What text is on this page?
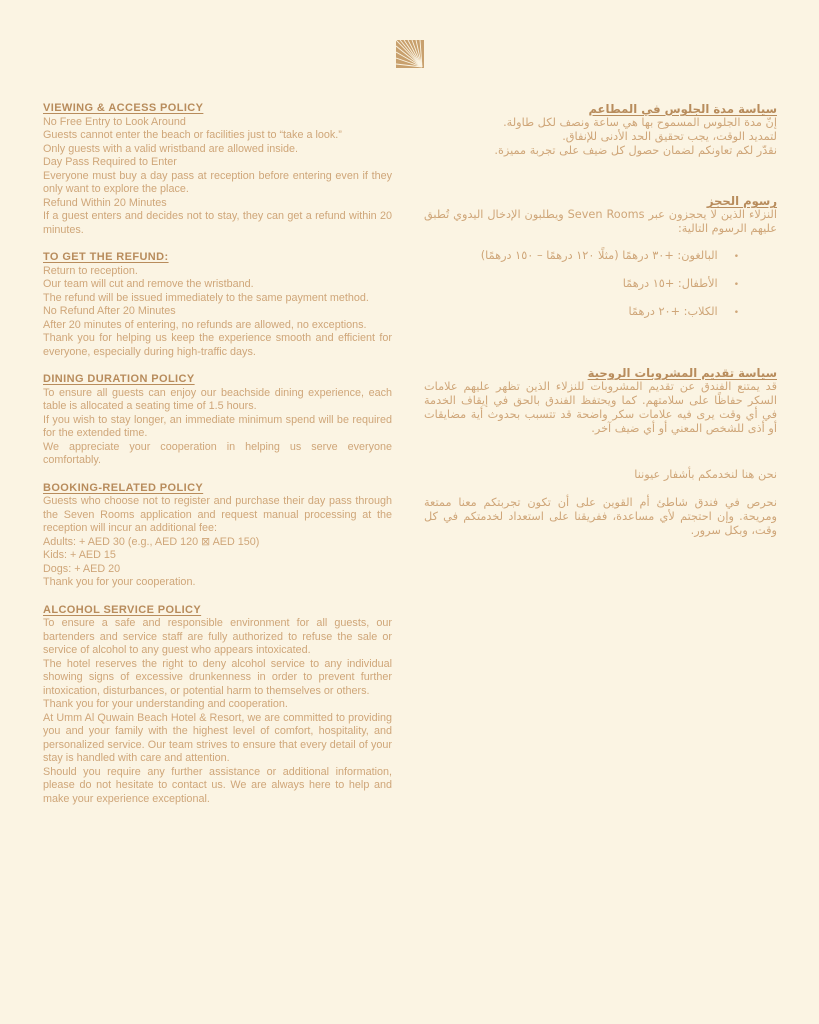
VIEWING & ACCESS POLICY

No Free Entry to Look Around

Guests cannot enter the beach or facilities just to “take a look.”

Only guests with a valid wristband are allowed inside.

Day Pass Required to Enter

Everyone must buy a day pass at reception before entering even if they only want to explore the place.

Refund Within 20 Minutes

If a guest enters and decides not to stay, they can get a refund within 20 minutes.

TO GET THE REFUND:

Return to reception.

Our team will cut and remove the wristband.

The refund will be issued immediately to the same payment method.

No Refund After 20 Minutes

After 20 minutes of entering, no refunds are allowed, no exceptions.

Thank you for helping us keep the experience smooth and efficient for everyone, especially during high-traffic days.

DINING DURATION POLICY

To ensure all guests can enjoy our beachside dining experience, each table is allocated a seating time of 1.5 hours.

If you wish to stay longer, an immediate minimum spend will be required for the extended time.

We appreciate your cooperation in helping us serve everyone comfortably.

BOOKING-RELATED POLICY

Guests who choose not to register and purchase their day pass through the Seven Rooms application and request manual processing at the reception will incur an additional fee:

Adults: + AED 30 (e.g., AED 120 ⊠ AED 150)

Kids: + AED 15

Dogs: + AED 20

Thank you for your cooperation.

ALCOHOL SERVICE POLICY

To ensure a safe and responsible environment for all guests, our bartenders and service staff are fully authorized to refuse the sale or service of alcohol to any guest who appears intoxicated.

The hotel reserves the right to deny alcohol service to any individual showing signs of excessive drunkenness in order to prevent further intoxication, disturbances, or potential harm to themselves or others.

Thank you for your understanding and cooperation.

At Umm Al Quwain Beach Hotel & Resort, we are committed to providing you and your family with the highest level of comfort, hospitality, and personalized service. Our team strives to ensure that every detail of your stay is handled with care and attention.

Should you require any further assistance or additional information, please do not hesitate to contact us. We are always here to help and make your experience exceptional.

سياسة مدة الجلوس في المطاعم

إنّ مدة الجلوس المسموح بها هي ساعة ونصف لكل طاولة.

لتمديد الوقت، يجب تحقيق الحد الأدنى للإنفاق.

نقدّر لكم تعاونكم لضمان حصول كل ضيف على تجربة مميزة.

رسوم الحجز

النزلاء الذين لا يحجزون عبر Seven Rooms ويطلبون الإدخال اليدوي تُطبق عليهم الرسوم التالية:

•
البالغون: +٣٠ درهمًا (مثلًا ١٢٠ درهمًا – ١٥٠ درهمًا)
•
الأطفال: +١٥ درهمًا
•
الكلاب: +٢٠ درهمًا
سياسة تقديم المشروبات الروحية

قد يمتنع الفندق عن تقديم المشروبات للنزلاء الذين تظهر عليهم علامات السكر حفاظًا على سلامتهم. كما ويحتفظ الفندق بالحق في إيقاف الخدمة في أي وقت يرى فيه علامات سكر واضحة قد تتسبب بحدوث أية مضايقات أو أذى للشخص المعني أو أي ضيف آخر.

نحن هنا لنخدمكم بأشفار عيوننا

نحرص في فندق شاطئ أم القوين على أن تكون تجربتكم معنا ممتعة ومريحة. وإن احتجتم لأي مساعدة، ففريقنا على استعداد لخدمتكم في كل وقت، وبكل سرور.
